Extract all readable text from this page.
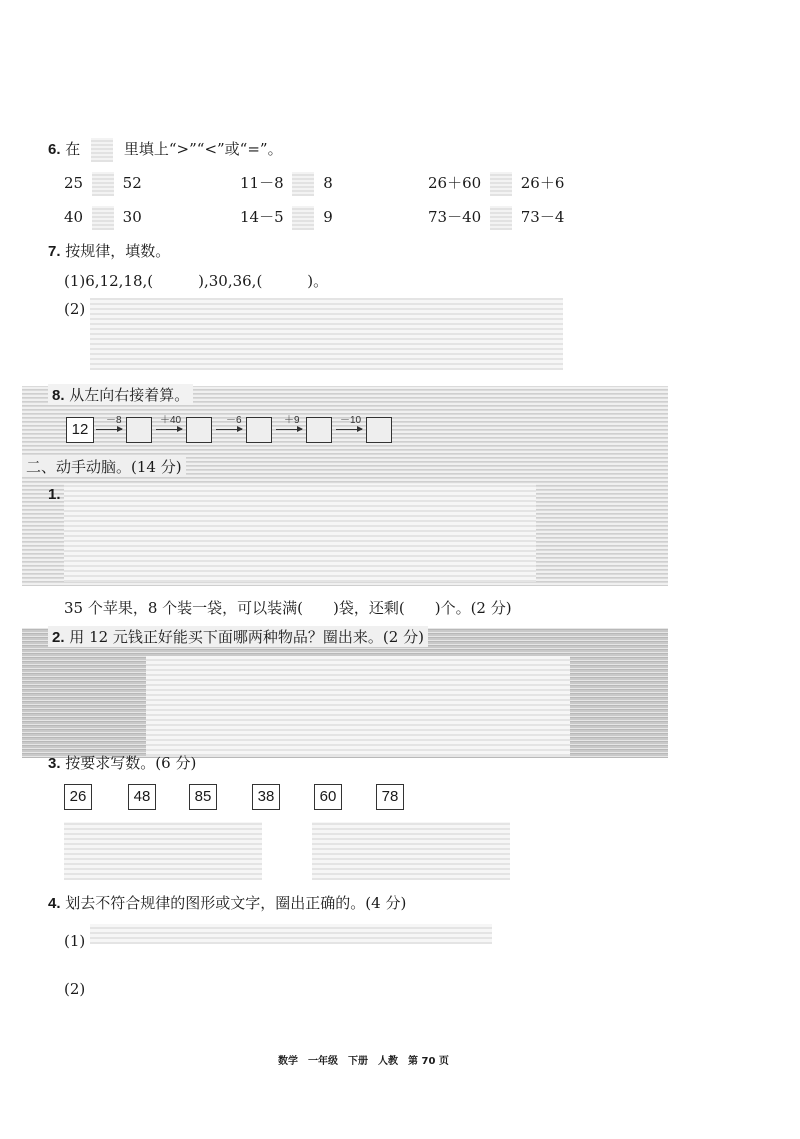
6. 在	里填上“>”“<”或“=”。
25	52	11－8	8	26＋60	26＋6
40	30	14－5	9	73－40	73－4
7. 按规律，填数。
(1)6,12,18,(　　　),30,36,(　　　)。
(2)
8. 从左向右接着算。
12
－8	＋40	－6	＋9	－10
二、动手动脑。(14 分)
1.
35 个苹果，8 个装一袋，可以装满(　　)袋，还剩(　　)个。(2 分)
2. 用 12 元钱正好能买下面哪两种物品？圈出来。(2 分)
3. 按要求写数。(6 分)
26	48	85	38	60	78
4. 划去不符合规律的图形或文字，圈出正确的。(4 分)
(1)
(2)
数学　一年级　下册　人教　第 70 页
